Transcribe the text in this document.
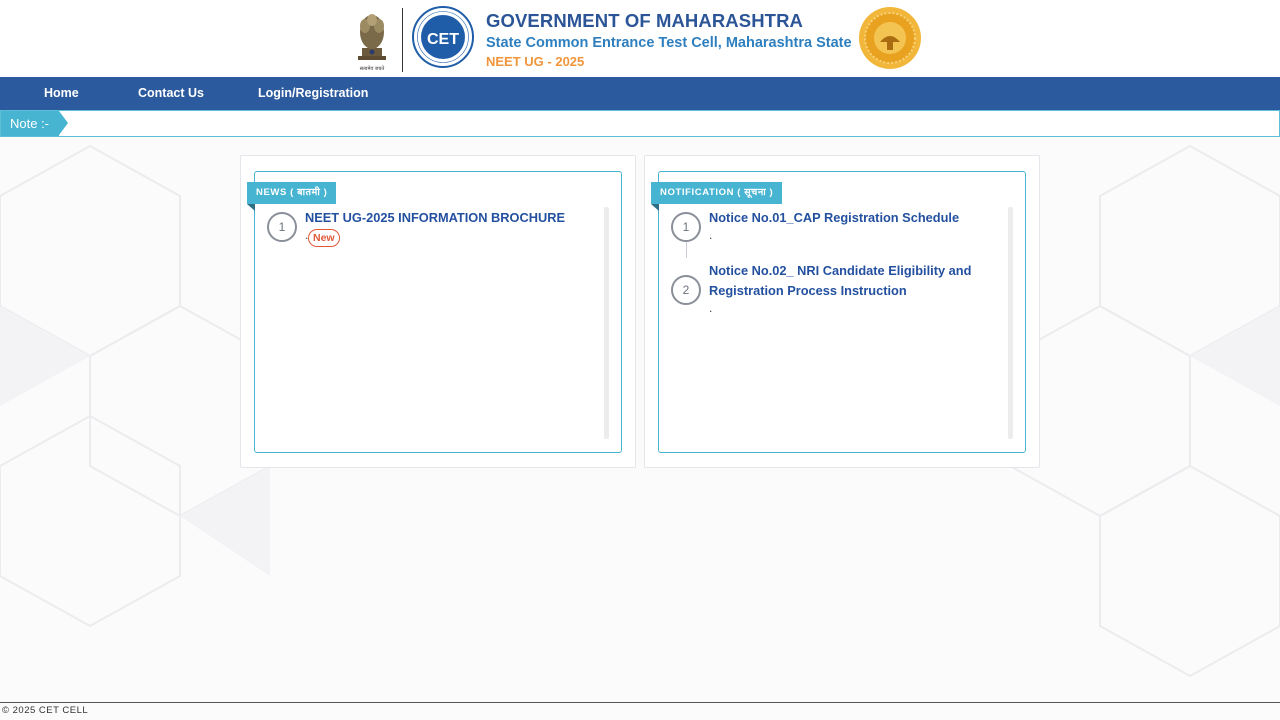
सत्यमेव जयते
CET
GOVERNMENT OF MAHARASHTRA
State Common Entrance Test Cell, Maharashtra State
NEET UG - 2025
Home	Contact Us	Login/Registration
Note :-
NEWS ( बातमी )
1
NEET UG-2025 INFORMATION BROCHURENew
.
NOTIFICATION ( सूचना )
1
Notice No.01_CAP Registration Schedule
.
2
Notice No.02_ NRI Candidate Eligibility and Registration Process Instruction
.
© 2025 CET CELL
